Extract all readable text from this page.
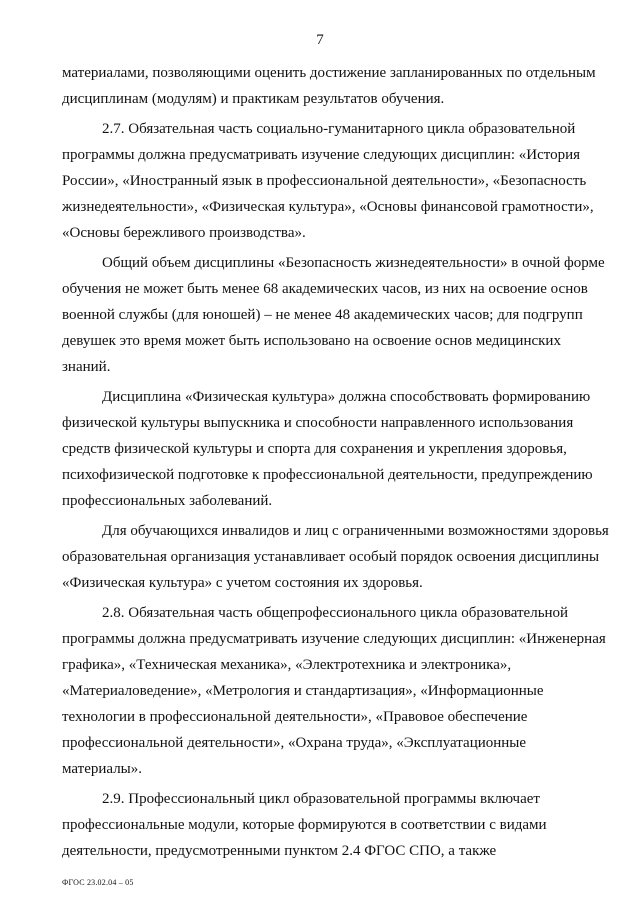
7
материалами, позволяющими оценить достижение запланированных по отдельным
дисциплинам (модулям) и практикам результатов обучения.
2.7. Обязательная часть социально-гуманитарного цикла образовательной
программы должна предусматривать изучение следующих дисциплин: «История
России», «Иностранный язык в профессиональной деятельности», «Безопасность
жизнедеятельности», «Физическая культура», «Основы финансовой грамотности»,
«Основы бережливого производства».
Общий объем дисциплины «Безопасность жизнедеятельности» в очной форме
обучения не может быть менее 68 академических часов, из них на освоение основ
военной службы (для юношей) – не менее 48 академических часов; для подгрупп
девушек это время может быть использовано на освоение основ медицинских
знаний.
Дисциплина «Физическая культура» должна способствовать формированию
физической культуры выпускника и способности направленного использования
средств физической культуры и спорта для сохранения и укрепления здоровья,
психофизической подготовке к профессиональной деятельности, предупреждению
профессиональных заболеваний.
Для обучающихся инвалидов и лиц с ограниченными возможностями здоровья
образовательная организация устанавливает особый порядок освоения дисциплины
«Физическая культура» с учетом состояния их здоровья.
2.8. Обязательная часть общепрофессионального цикла образовательной
программы должна предусматривать изучение следующих дисциплин: «Инженерная
графика», «Техническая механика», «Электротехника и электроника»,
«Материаловедение», «Метрология и стандартизация», «Информационные
технологии в профессиональной деятельности», «Правовое обеспечение
профессиональной деятельности», «Охрана труда», «Эксплуатационные
материалы».
2.9. Профессиональный цикл образовательной программы включает
профессиональные модули, которые формируются в соответствии с видами
деятельности, предусмотренными пунктом 2.4 ФГОС СПО, а также
ФГОС 23.02.04 – 05
